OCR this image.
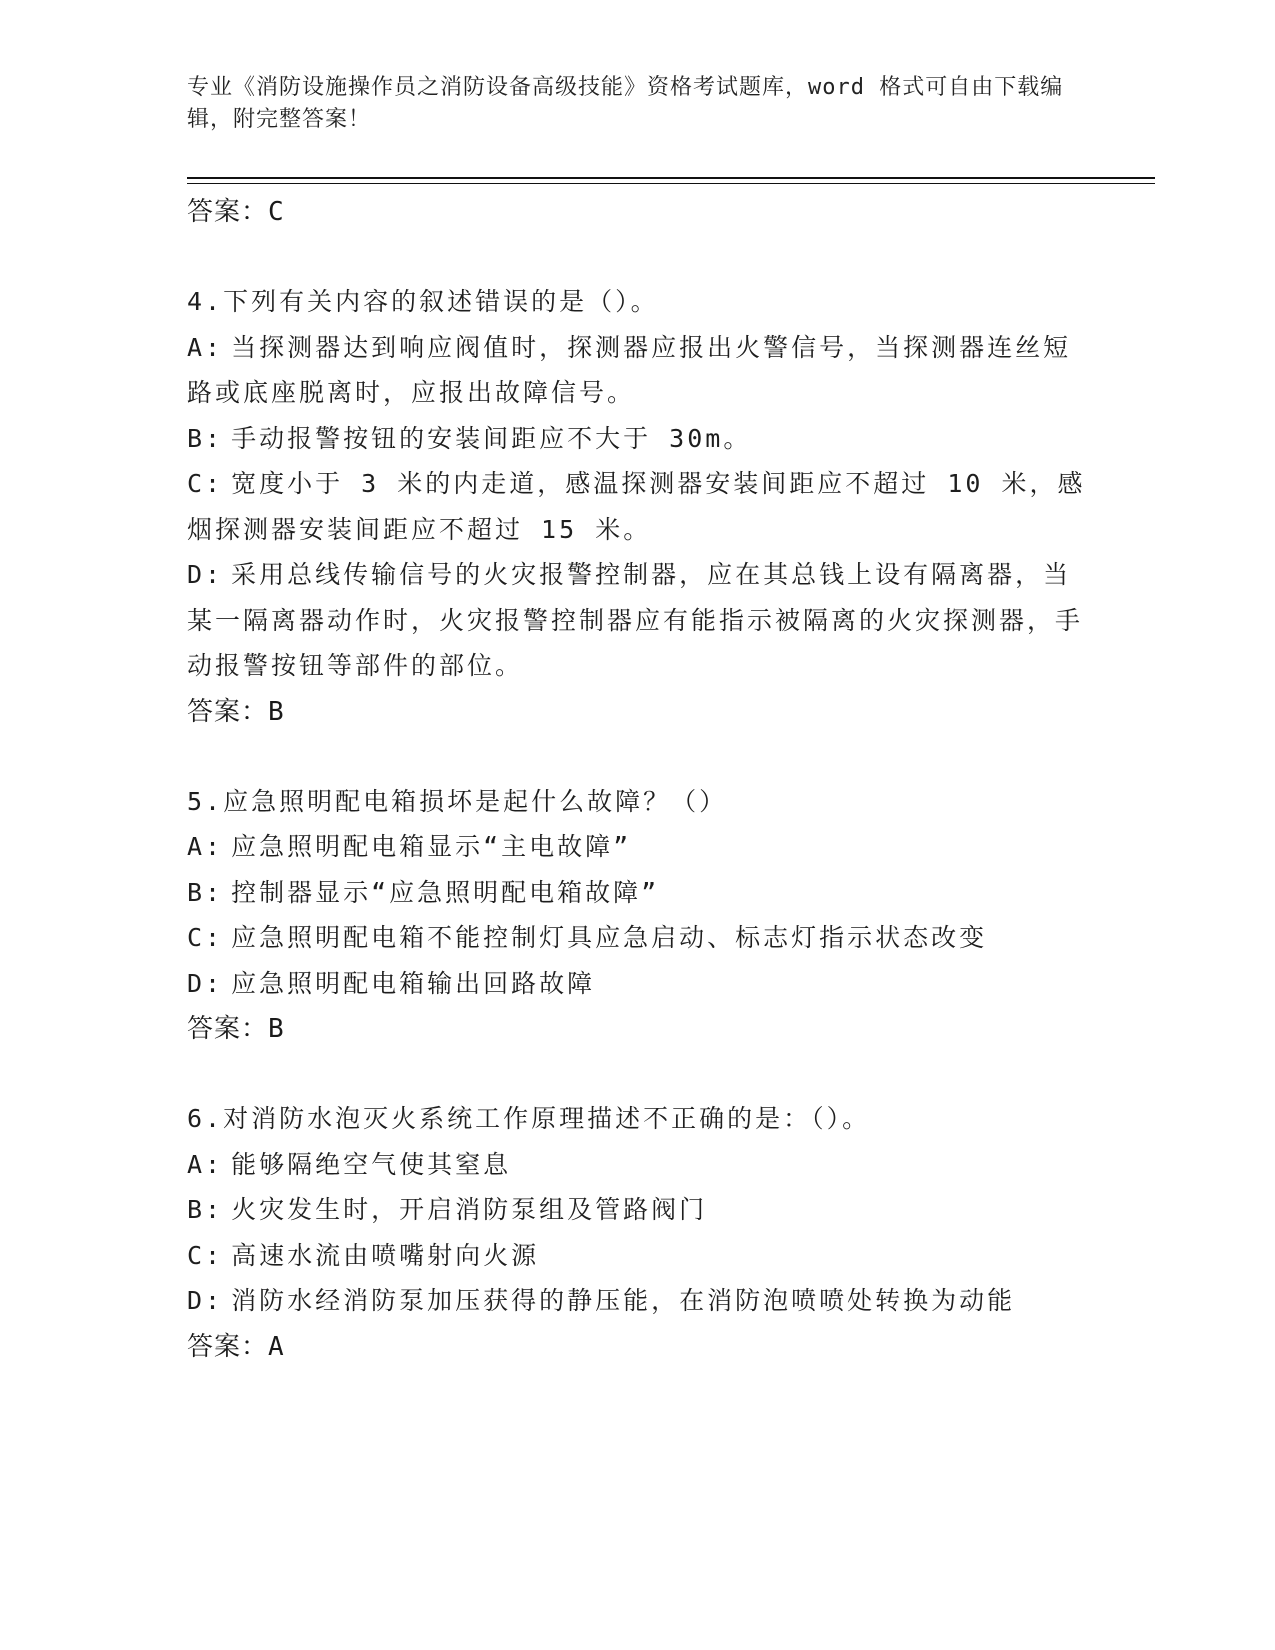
专业《消防设施操作员之消防设备高级技能》资格考试题库，word 格式可自由下载编辑，附完整答案！

答案：C

4.下列有关内容的叙述错误的是（）。

A: 当探测器达到响应阀值时，探测器应报出火警信号，当探测器连丝短路或底座脱离时，应报出故障信号。

B: 手动报警按钮的安装间距应不大于 30m。

C: 宽度小于 3 米的内走道，感温探测器安装间距应不超过 10 米，感烟探测器安装间距应不超过 15 米。

D: 采用总线传输信号的火灾报警控制器，应在其总钱上设有隔离器，当某一隔离器动作时，火灾报警控制器应有能指示被隔离的火灾探测器，手动报警按钮等部件的部位。

答案：B

5.应急照明配电箱损坏是起什么故障？（）

A: 应急照明配电箱显示“主电故障”

B: 控制器显示“应急照明配电箱故障”

C: 应急照明配电箱不能控制灯具应急启动、标志灯指示状态改变

D: 应急照明配电箱输出回路故障

答案：B

6.对消防水泡灭火系统工作原理描述不正确的是：（）。

A: 能够隔绝空气使其窒息

B: 火灾发生时，开启消防泵组及管路阀门

C: 高速水流由喷嘴射向火源

D: 消防水经消防泵加压获得的静压能，在消防泡喷喷处转换为动能

答案：A
